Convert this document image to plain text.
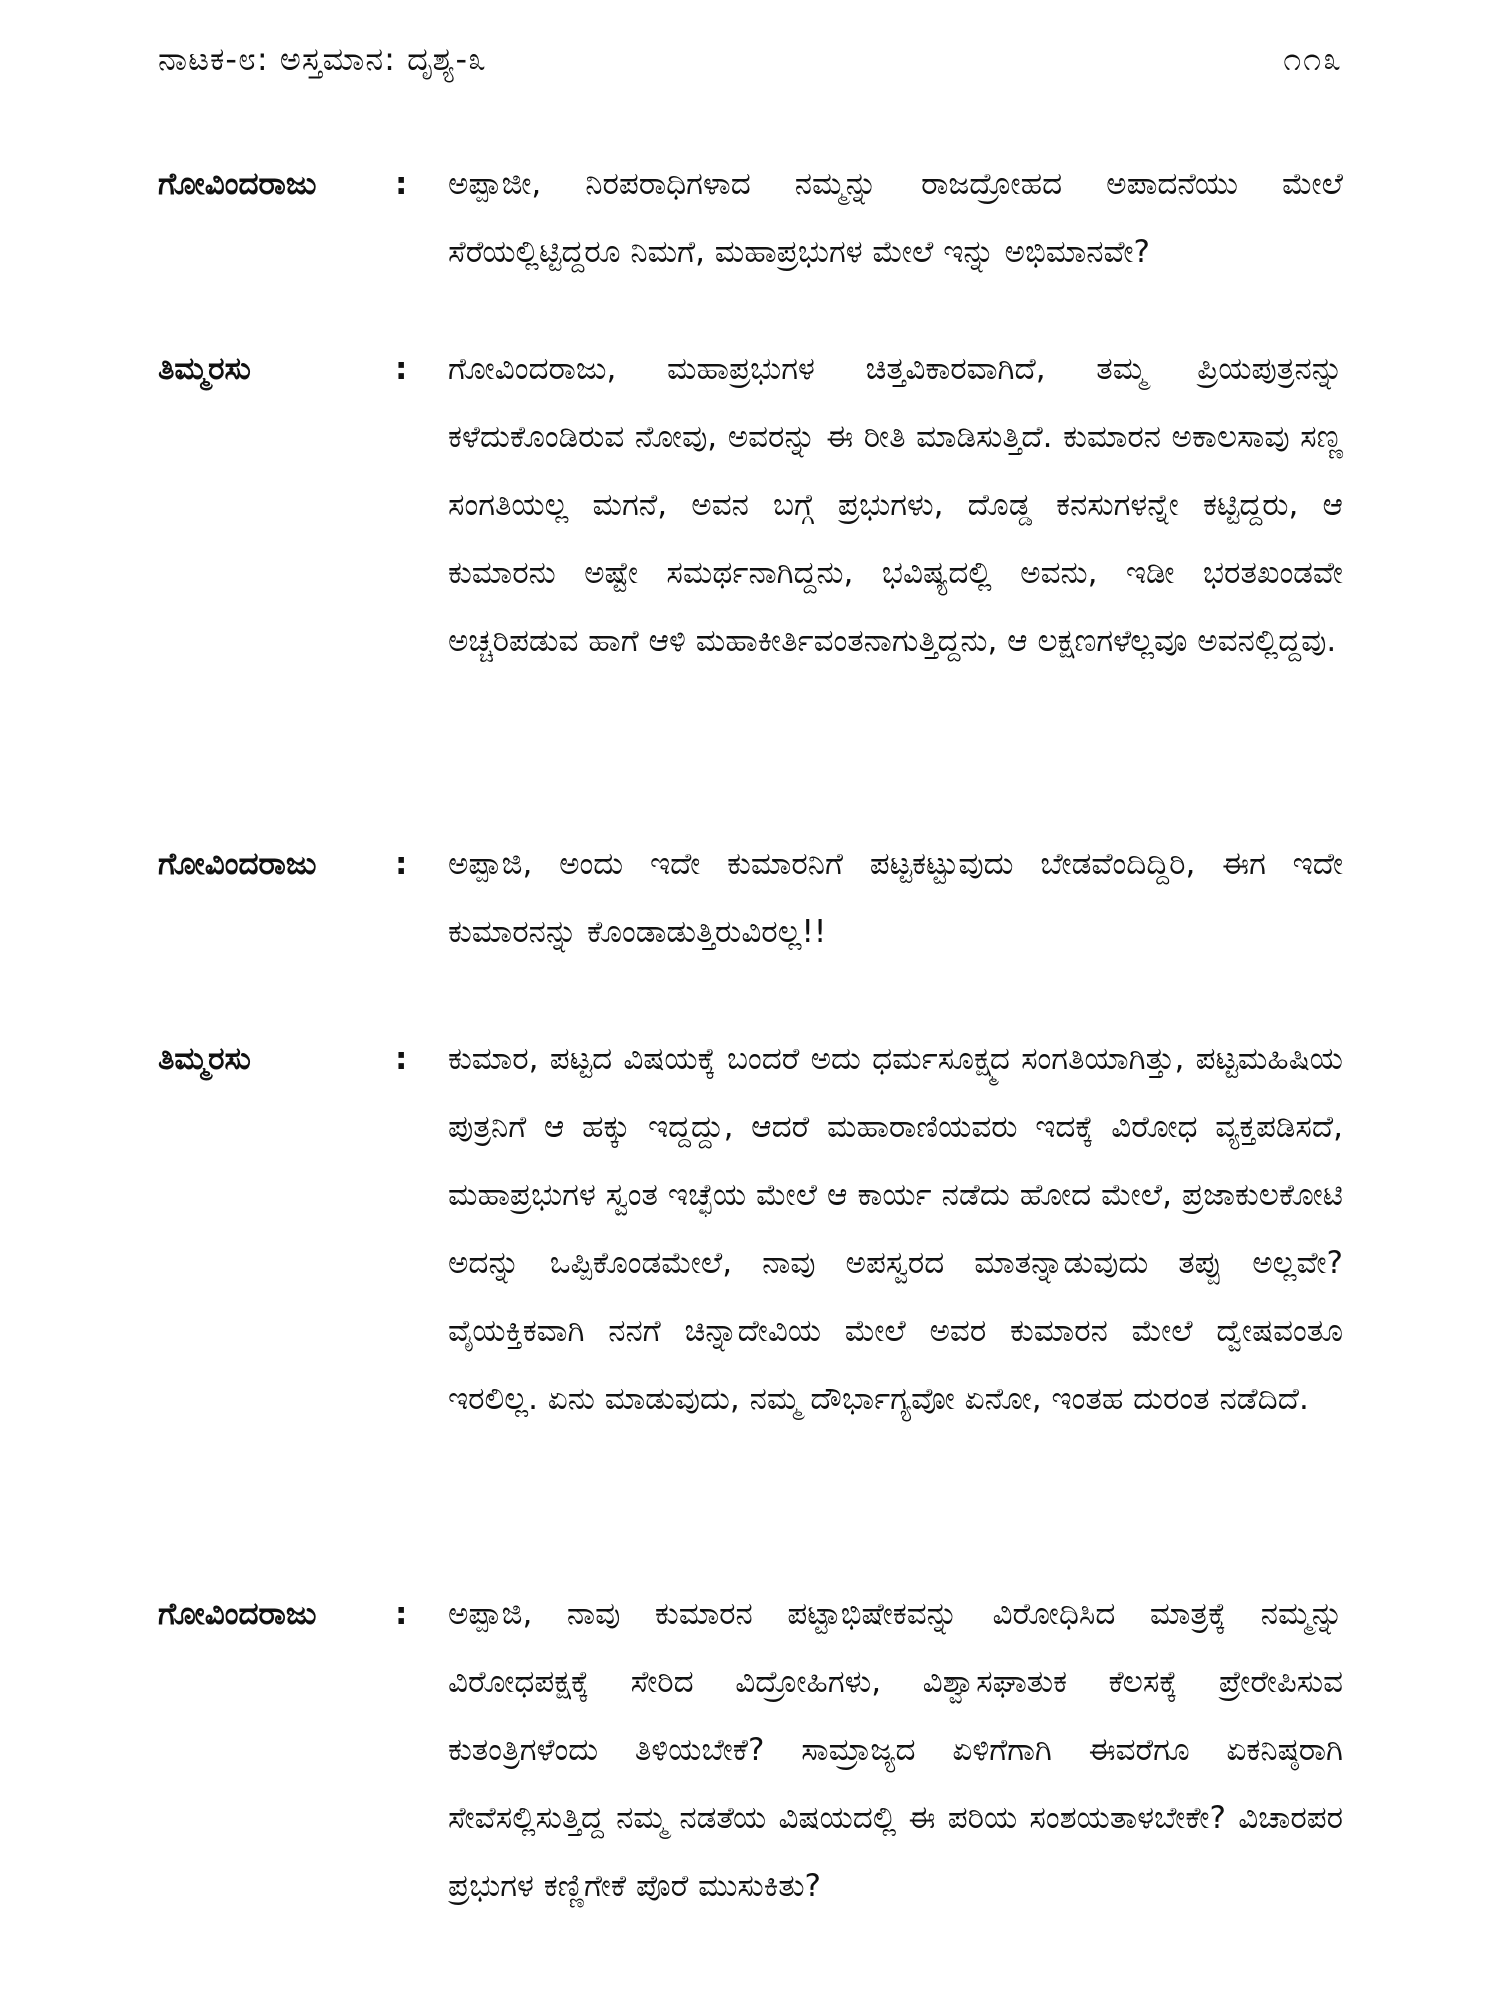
ನಾಟಕ-೮: ಅಸ್ತಮಾನ: ದೃಶ್ಯ-೩	೧೧೩
ಗೋವಿಂದರಾಜು	: ಅಪ್ಪಾಜೀ, ನಿರಪರಾಧಿಗಳಾದ ನಮ್ಮನ್ನು ರಾಜದ್ರೋಹದ ಅಪಾದನೆಯು ಮೇಲೆ ಸೆರೆಯಲ್ಲಿಟ್ಟಿದ್ದರೂ ನಿಮಗೆ, ಮಹಾಪ್ರಭುಗಳ ಮೇಲೆ ಇನ್ನು ಅಭಿಮಾನವೇ?
ತಿಮ್ಮರಸು	: ಗೋವಿಂದರಾಜು, ಮಹಾಪ್ರಭುಗಳ ಚಿತ್ತವಿಕಾರವಾಗಿದೆ, ತಮ್ಮ ಪ್ರಿಯಪುತ್ರನನ್ನು ಕಳೆದುಕೊಂಡಿರುವ ನೋವು, ಅವರನ್ನು ಈ ರೀತಿ ಮಾಡಿಸುತ್ತಿದೆ. ಕುಮಾರನ ಅಕಾಲಸಾವು ಸಣ್ಣ ಸಂಗತಿಯಲ್ಲ ಮಗನೆ, ಅವನ ಬಗ್ಗೆ ಪ್ರಭುಗಳು, ದೊಡ್ಡ ಕನಸುಗಳನ್ನೇ ಕಟ್ಟಿದ್ದರು, ಆ ಕುಮಾರನು ಅಷ್ಟೇ ಸಮರ್ಥನಾಗಿದ್ದನು, ಭವಿಷ್ಯದಲ್ಲಿ ಅವನು, ಇಡೀ ಭರತಖಂಡವೇ ಅಚ್ಚರಿಪಡುವ ಹಾಗೆ ಆಳಿ ಮಹಾಕೀರ್ತಿವಂತನಾಗುತ್ತಿದ್ದನು, ಆ ಲಕ್ಷಣಗಳೆಲ್ಲವೂ ಅವನಲ್ಲಿದ್ದವು.
ಗೋವಿಂದರಾಜು	: ಅಪ್ಪಾಜಿ, ಅಂದು ಇದೇ ಕುಮಾರನಿಗೆ ಪಟ್ಟಕಟ್ಟುವುದು ಬೇಡವೆಂದಿದ್ದಿರಿ, ಈಗ ಇದೇ ಕುಮಾರನನ್ನು ಕೊಂಡಾಡುತ್ತಿರುವಿರಲ್ಲ!!
ತಿಮ್ಮರಸು	: ಕುಮಾರ, ಪಟ್ಟದ ವಿಷಯಕ್ಕೆ ಬಂದರೆ ಅದು ಧರ್ಮಸೂಕ್ಷ್ಮದ ಸಂಗತಿಯಾಗಿತ್ತು, ಪಟ್ಟಮಹಿಷಿಯ ಪುತ್ರನಿಗೆ ಆ ಹಕ್ಕು ಇದ್ದದ್ದು, ಆದರೆ ಮಹಾರಾಣಿಯವರು ಇದಕ್ಕೆ ವಿರೋಧ ವ್ಯಕ್ತಪಡಿಸದೆ, ಮಹಾಪ್ರಭುಗಳ ಸ್ವಂತ ಇಚ್ಛೆಯ ಮೇಲೆ ಆ ಕಾರ್ಯ ನಡೆದು ಹೋದ ಮೇಲೆ, ಪ್ರಜಾಕುಲಕೋಟಿ ಅದನ್ನು ಒಪ್ಪಿಕೊಂಡಮೇಲೆ, ನಾವು ಅಪಸ್ವರದ ಮಾತನ್ನಾಡುವುದು ತಪ್ಪು ಅಲ್ಲವೇ? ವೈಯಕ್ತಿಕವಾಗಿ ನನಗೆ ಚಿನ್ನಾದೇವಿಯ ಮೇಲೆ ಅವರ ಕುಮಾರನ ಮೇಲೆ ದ್ವೇಷವಂತೂ ಇರಲಿಲ್ಲ. ಏನು ಮಾಡುವುದು, ನಮ್ಮ ದೌರ್ಭಾಗ್ಯವೋ ಏನೋ, ಇಂತಹ ದುರಂತ ನಡೆದಿದೆ.
ಗೋವಿಂದರಾಜು	: ಅಪ್ಪಾಜಿ, ನಾವು ಕುಮಾರನ ಪಟ್ಟಾಭಿಷೇಕವನ್ನು ವಿರೋಧಿಸಿದ ಮಾತ್ರಕ್ಕೆ ನಮ್ಮನ್ನು ವಿರೋಧಪಕ್ಷಕ್ಕೆ ಸೇರಿದ ವಿದ್ರೋಹಿಗಳು, ವಿಶ್ವಾಸಘಾತುಕ ಕೆಲಸಕ್ಕೆ ಪ್ರೇರೇಪಿಸುವ ಕುತಂತ್ರಿಗಳೆಂದು ತಿಳಿಯಬೇಕೆ? ಸಾಮ್ರಾಜ್ಯದ ಏಳಿಗೆಗಾಗಿ ಈವರೆಗೂ ಏಕನಿಷ್ಠರಾಗಿ ಸೇವೆಸಲ್ಲಿಸುತ್ತಿದ್ದ ನಮ್ಮ ನಡತೆಯ ವಿಷಯದಲ್ಲಿ ಈ ಪರಿಯ ಸಂಶಯತಾಳಬೇಕೇ? ವಿಚಾರಪರ ಪ್ರಭುಗಳ ಕಣ್ಣಿಗೇಕೆ ಪೊರೆ ಮುಸುಕಿತು?
